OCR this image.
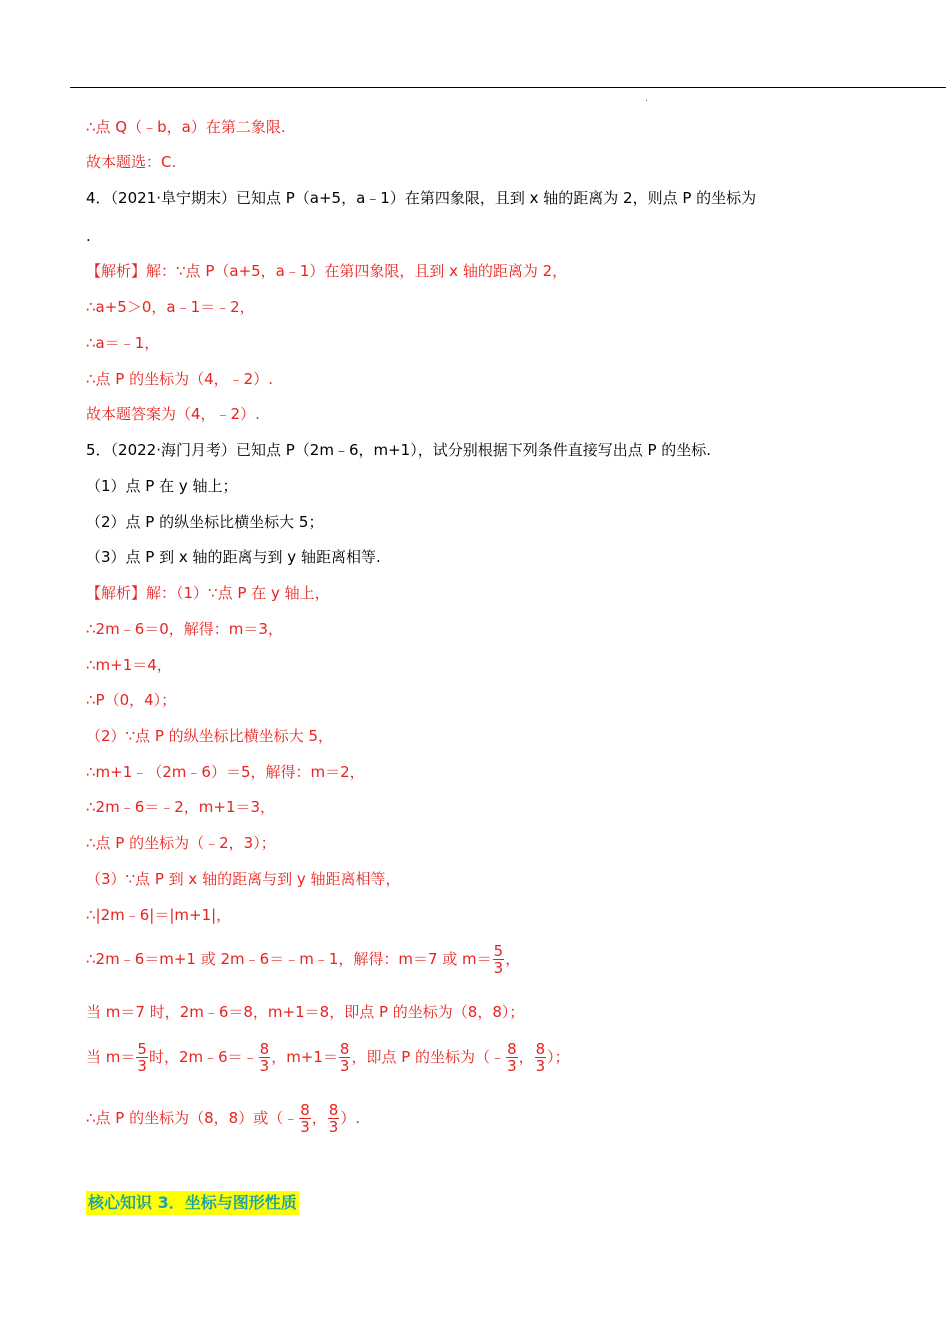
∴点 Q（﹣b，a）在第二象限.
故本题选：C.
4．（2021·阜宁期末）已知点 P（a+5，a﹣1）在第四象限，且到 x 轴的距离为 2，则点 P 的坐标为
.
【解析】解：∵点 P（a+5，a﹣1）在第四象限，且到 x 轴的距离为 2，
∴a+5＞0，a﹣1＝﹣2，
∴a＝﹣1，
∴点 P 的坐标为（4，﹣2）.
故本题答案为（4，﹣2）.
5．（2022·海门月考）已知点 P（2m﹣6，m+1），试分别根据下列条件直接写出点 P 的坐标.
（1）点 P 在 y 轴上；
（2）点 P 的纵坐标比横坐标大 5；
（3）点 P 到 x 轴的距离与到 y 轴距离相等.
【解析】解：（1）∵点 P 在 y 轴上，
∴2m﹣6＝0，解得：m＝3，
∴m+1＝4，
∴P（0，4）；
（2）∵点 P 的纵坐标比横坐标大 5，
∴m+1﹣（2m﹣6）＝5，解得：m＝2，
∴2m﹣6＝﹣2，m+1＝3，
∴点 P 的坐标为（﹣2，3）；
（3）∵点 P 到 x 轴的距离与到 y 轴距离相等，
∴|2m﹣6|＝|m+1|，
∴2m﹣6＝m+1 或 2m﹣6＝﹣m﹣1，解得：m＝7 或 $m= \frac{5}{3}$ ，
当 m＝7 时，2m﹣6＝8，m+1＝8，即点 P 的坐标为（8，8）；
当 $m= \frac{5}{3}$ 时，2m﹣6＝﹣ $\frac{8}{3}$ ，$m+1= \frac{8}{3}$ ，即点 P 的坐标为（﹣ $\frac{8}{3}$ ， $\frac{8}{3}$ ）；
∴点 P 的坐标为（8，8）或（﹣ $\frac{8}{3}$ ， $\frac{8}{3}$ ）.
核心知识 3．坐标与图形性质
